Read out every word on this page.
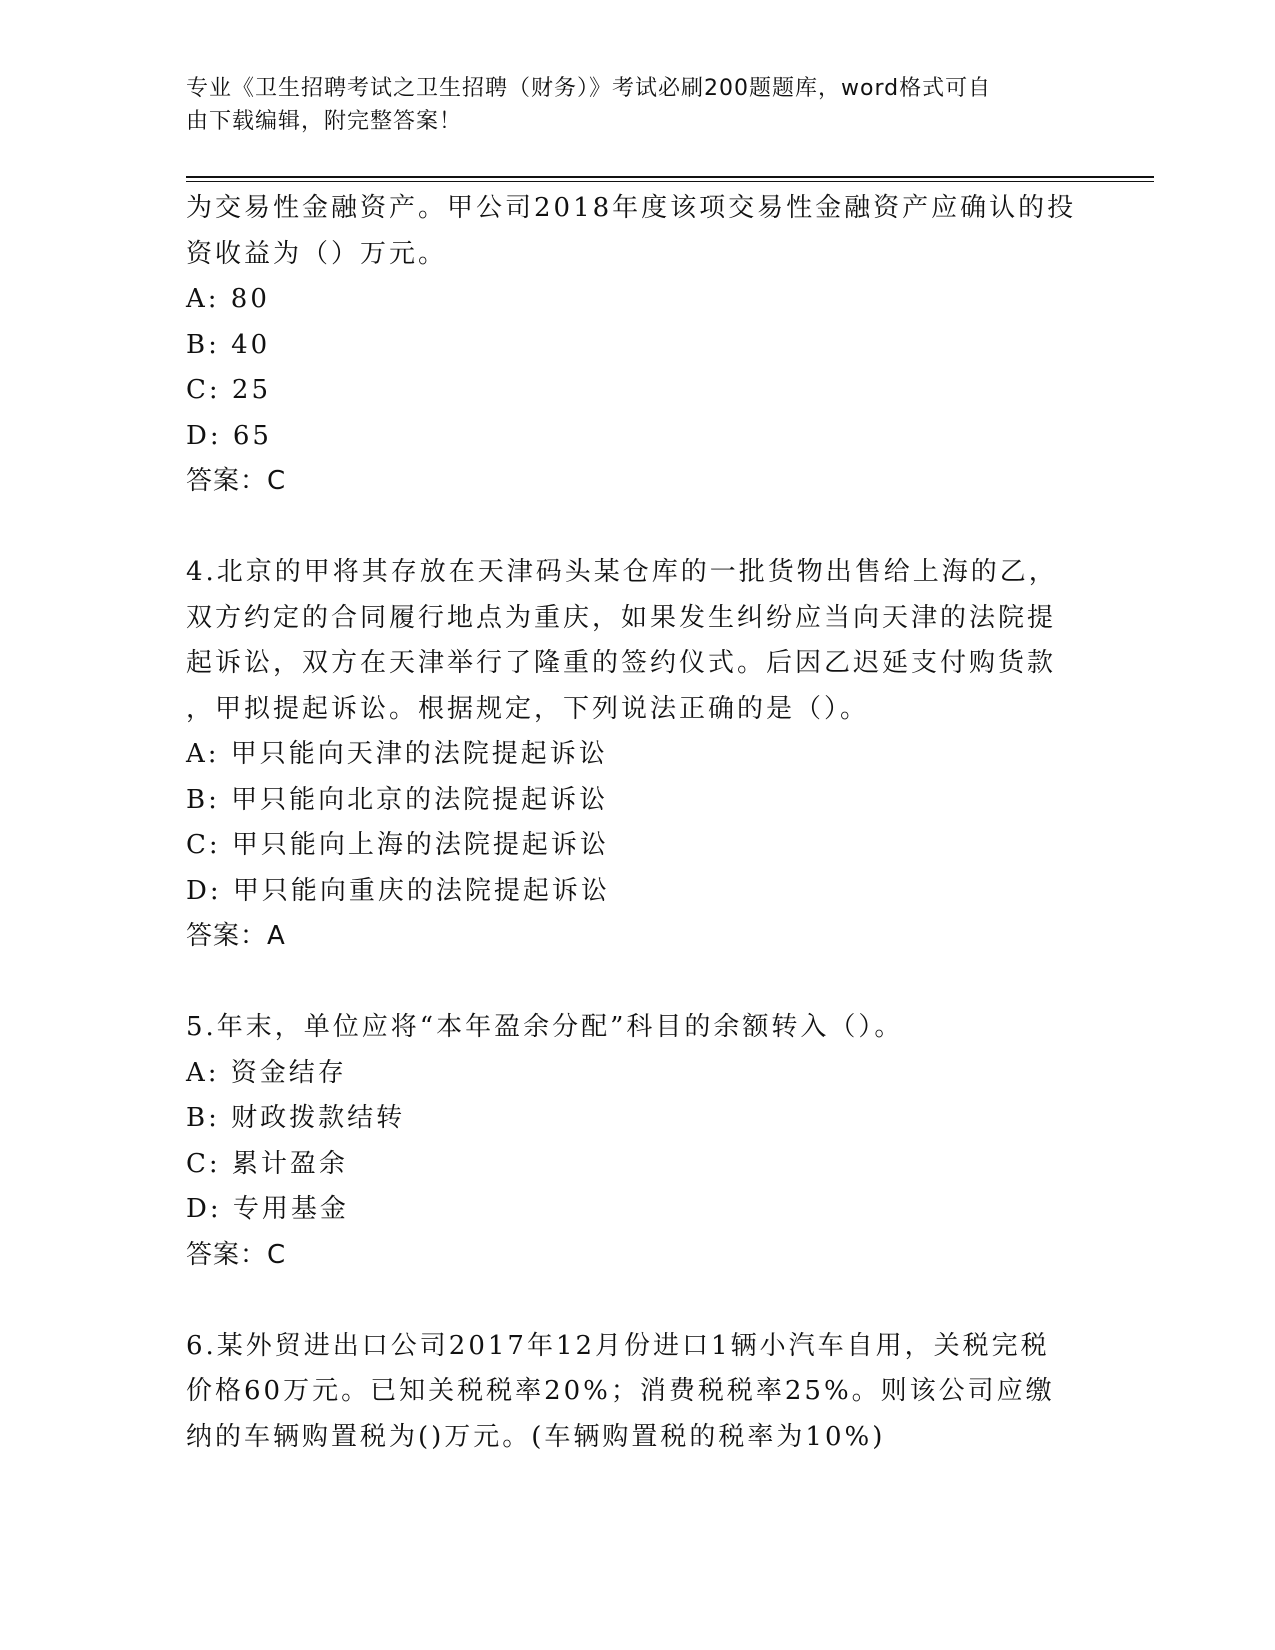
专业《卫生招聘考试之卫生招聘（财务）》考试必刷200题题库，word格式可自
由下载编辑，附完整答案！
为交易性金融资产。甲公司2018年度该项交易性金融资产应确认的投
资收益为（）万元。
A: 80
B: 40
C: 25
D: 65
答案：C
4.北京的甲将其存放在天津码头某仓库的一批货物出售给上海的乙，
双方约定的合同履行地点为重庆，如果发生纠纷应当向天津的法院提
起诉讼，双方在天津举行了隆重的签约仪式。后因乙迟延支付购货款
，甲拟提起诉讼。根据规定，下列说法正确的是（）。
A: 甲只能向天津的法院提起诉讼
B: 甲只能向北京的法院提起诉讼
C: 甲只能向上海的法院提起诉讼
D: 甲只能向重庆的法院提起诉讼
答案：A
5.年末，单位应将“本年盈余分配”科目的余额转入（）。
A: 资金结存
B: 财政拨款结转
C: 累计盈余
D: 专用基金
答案：C
6.某外贸进出口公司2017年12月份进口1辆小汽车自用，关税完税
价格60万元。已知关税税率20%；消费税税率25%。则该公司应缴
纳的车辆购置税为()万元。(车辆购置税的税率为10%)
